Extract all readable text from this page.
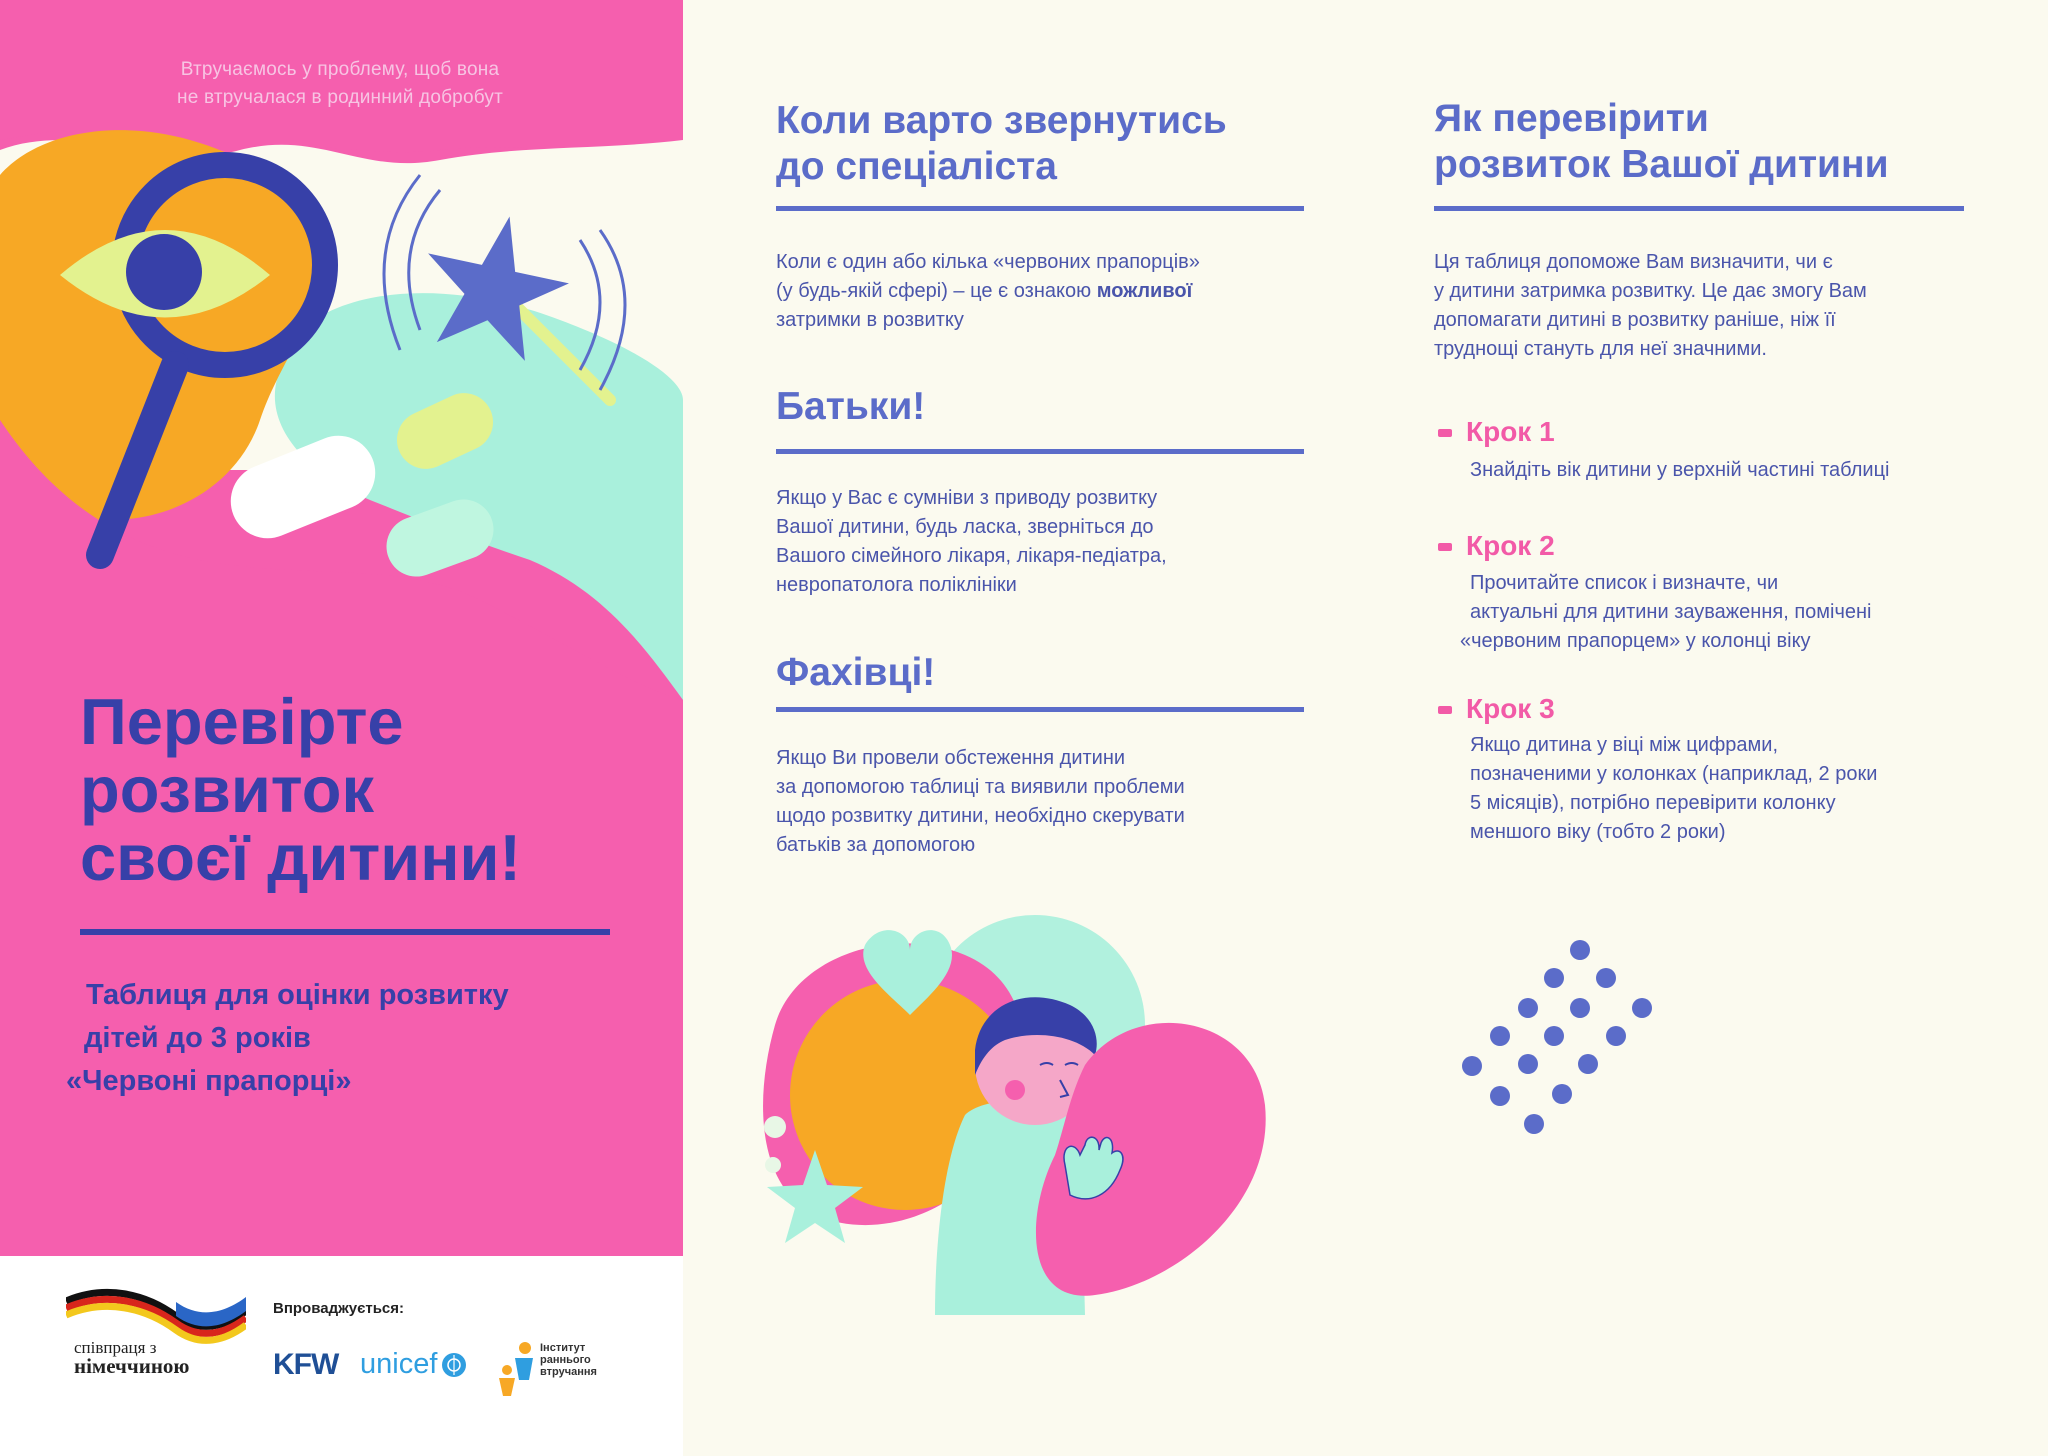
Втручаємось у проблему, щоб вона
не втручалася в родинний добробут
Перевірте
розвиток
своєї дитини!
Таблиця для оцінки розвитку
дітей до 3 років
«Червоні прапорці»
співпраця з
німеччиною
Впроваджується:
KFW unicef	Інститут
раннього
втручання
Коли варто звернутись
до спеціаліста
Коли є один або кілька «червоних прапорців»
(у будь-якій сфері) – це є ознакою можливої
затримки в розвитку
Батьки!
Якщо у Вас є сумніви з приводу розвитку
Вашої дитини, будь ласка, зверніться до
Вашого сімейного лікаря, лікаря-педіатра,
невропатолога поліклініки
Фахівці!
Якщо Ви провели обстеження дитини
за допомогою таблиці та виявили проблеми
щодо розвитку дитини, необхідно скерувати
батьків за допомогою
Як перевірити
розвиток Вашої дитини
Ця таблиця допоможе Вам визначити, чи є
у дитини затримка розвитку. Це дає змогу Вам
допомагати дитині в розвитку раніше, ніж її
труднощі стануть для неї значними.
Крок 1
Знайдіть вік дитини у верхній частині таблиці
Крок 2
Прочитайте список і визначте, чи
актуальні для дитини зауваження, помічені
«червоним прапорцем» у колонці віку
Крок 3
Якщо дитина у віці між цифрами,
позначеними у колонках (наприклад, 2 роки
5 місяців), потрібно перевірити колонку
меншого віку (тобто 2 роки)
